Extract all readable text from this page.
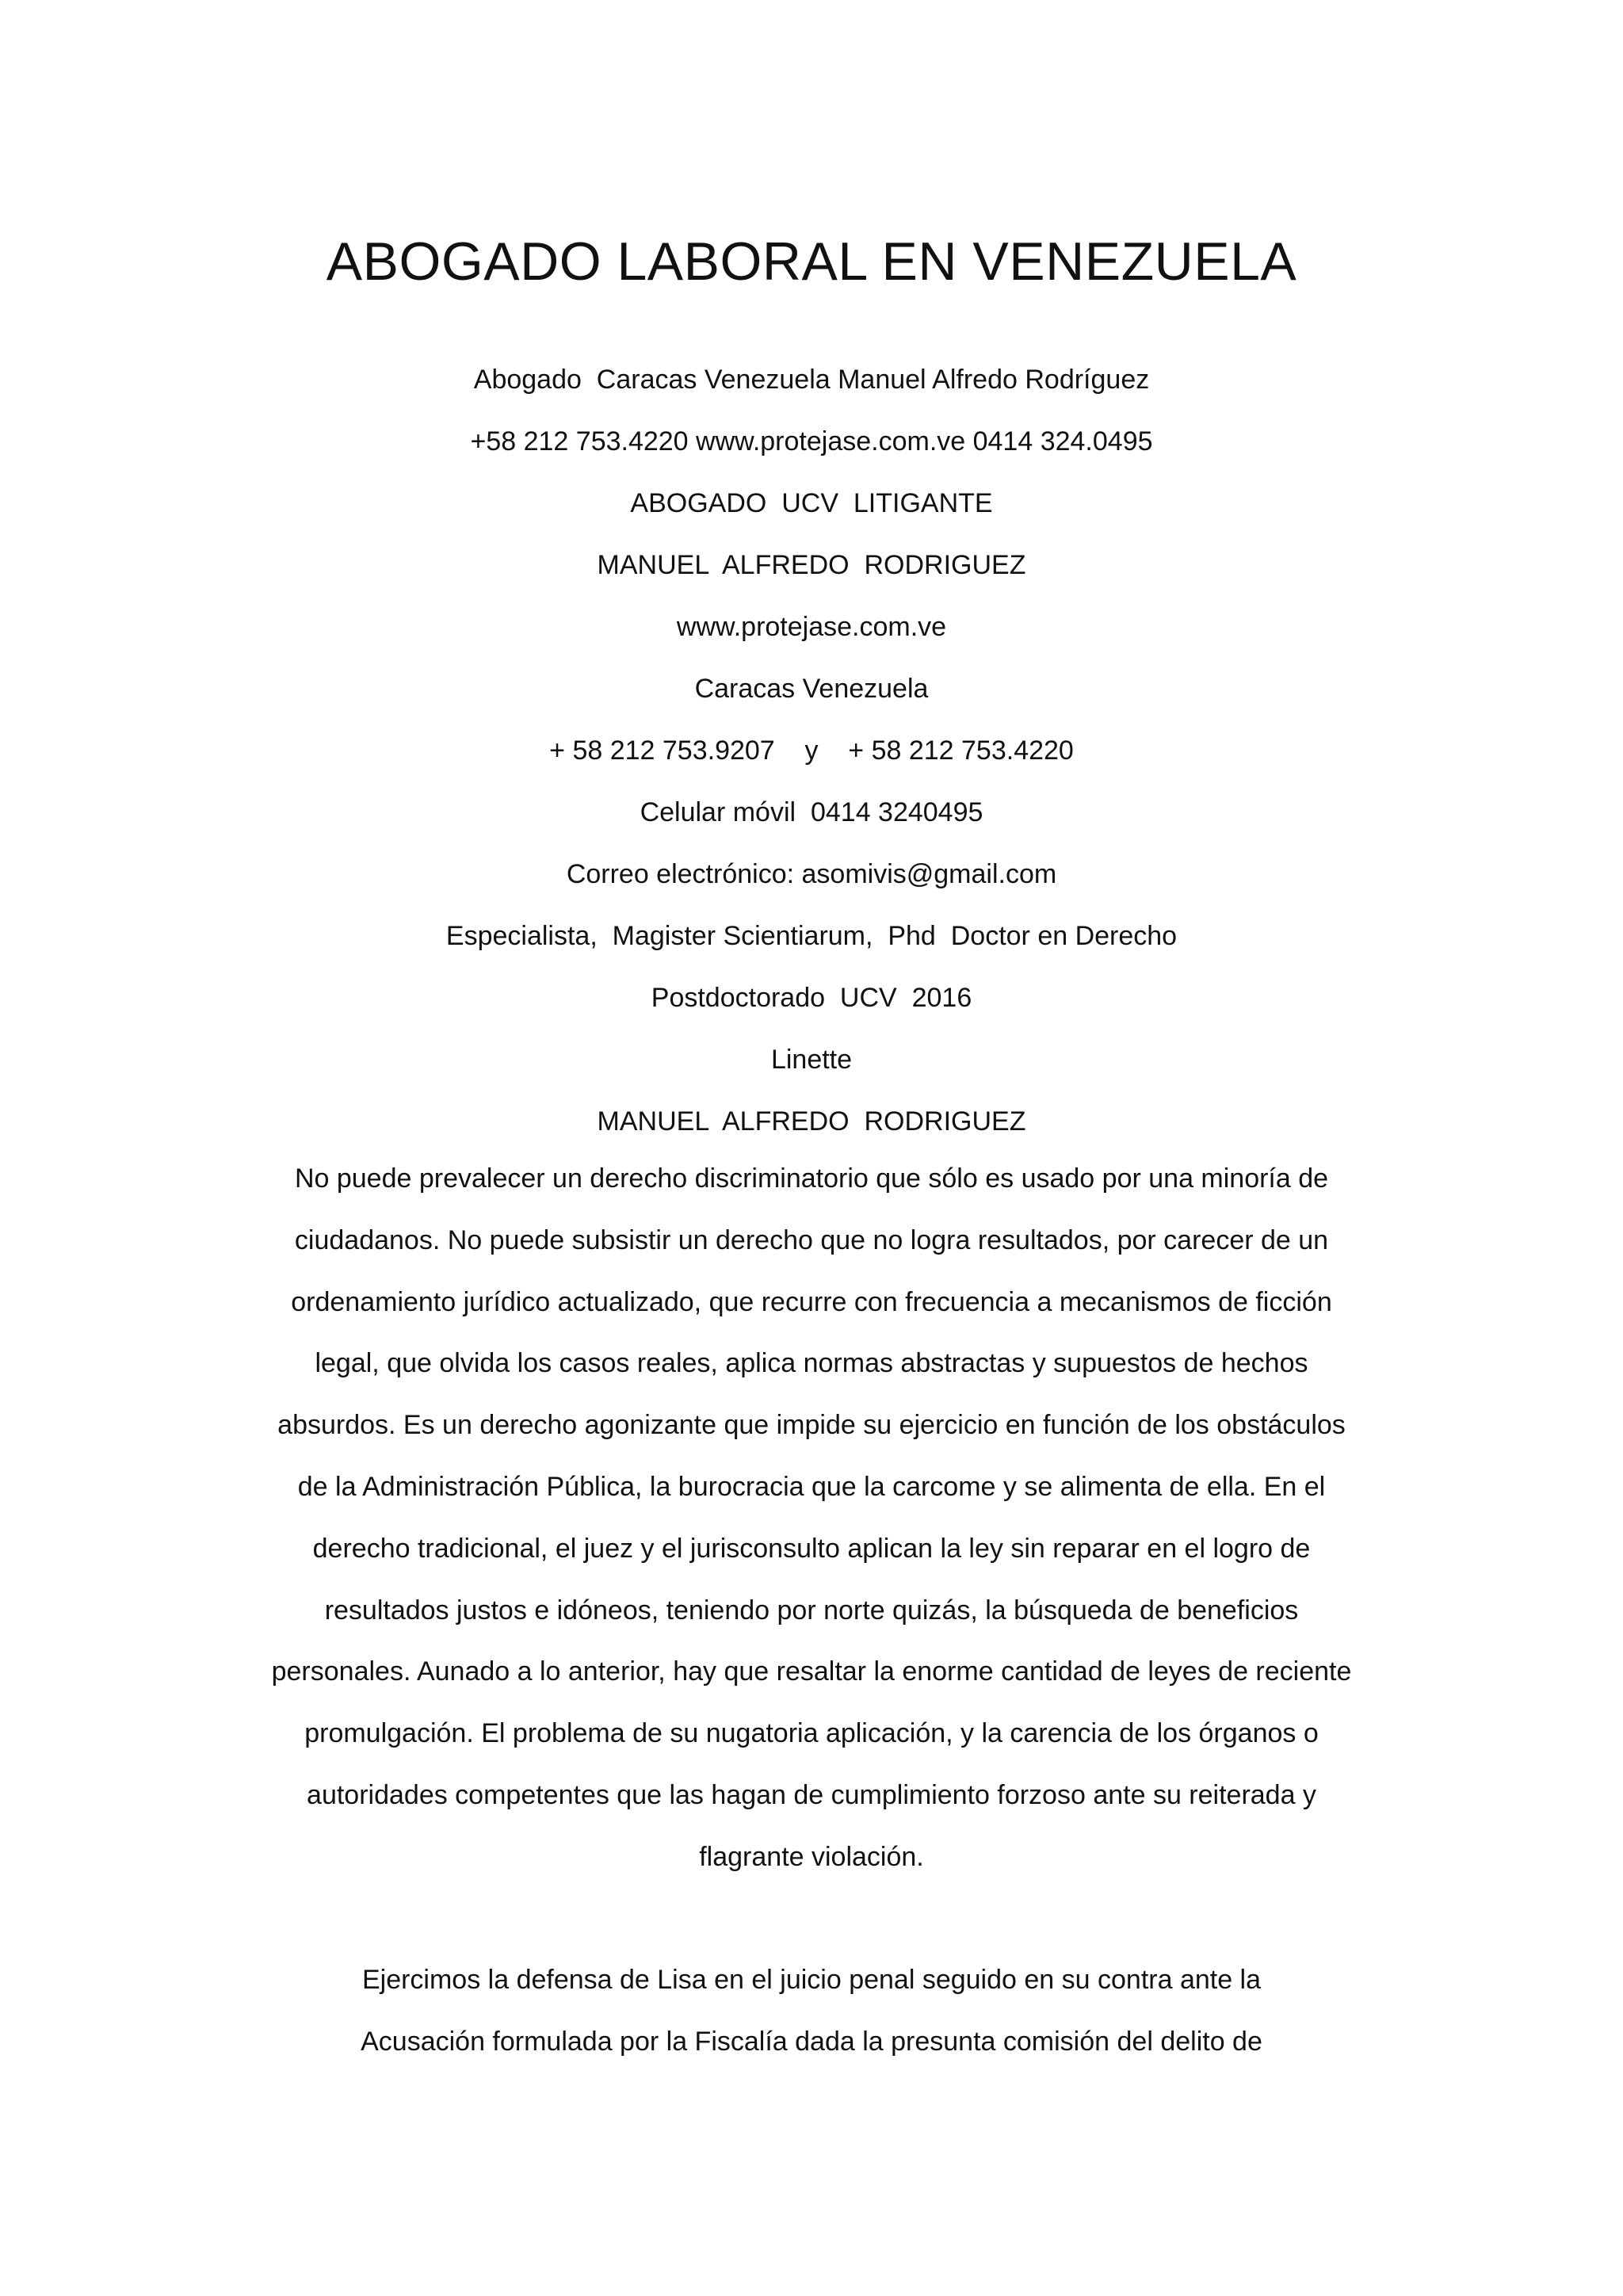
ABOGADO LABORAL EN VENEZUELA
Abogado  Caracas Venezuela Manuel Alfredo Rodríguez
+58 212 753.4220 www.protejase.com.ve 0414 324.0495
ABOGADO  UCV  LITIGANTE
MANUEL  ALFREDO  RODRIGUEZ
www.protejase.com.ve
Caracas Venezuela
+ 58 212 753.9207    y    + 58 212 753.4220
Celular móvil  0414 3240495
Correo electrónico: asomivis@gmail.com
Especialista,  Magister Scientiarum,  Phd  Doctor en Derecho
Postdoctorado  UCV  2016
Linette
MANUEL  ALFREDO  RODRIGUEZ
No puede prevalecer un derecho discriminatorio que sólo es usado por una minoría de
ciudadanos. No puede subsistir un derecho que no logra resultados, por carecer de un
ordenamiento jurídico actualizado, que recurre con frecuencia a mecanismos de ficción
legal, que olvida los casos reales, aplica normas abstractas y supuestos de hechos
absurdos. Es un derecho agonizante que impide su ejercicio en función de los obstáculos
de la Administración Pública, la burocracia que la carcome y se alimenta de ella. En el
derecho tradicional, el juez y el jurisconsulto aplican la ley sin reparar en el logro de
resultados justos e idóneos, teniendo por norte quizás, la búsqueda de beneficios
personales. Aunado a lo anterior, hay que resaltar la enorme cantidad de leyes de reciente
promulgación. El problema de su nugatoria aplicación, y la carencia de los órganos o
autoridades competentes que las hagan de cumplimiento forzoso ante su reiterada y
flagrante violación.
Ejercimos la defensa de Lisa en el juicio penal seguido en su contra ante la
Acusación formulada por la Fiscalía dada la presunta comisión del delito de
